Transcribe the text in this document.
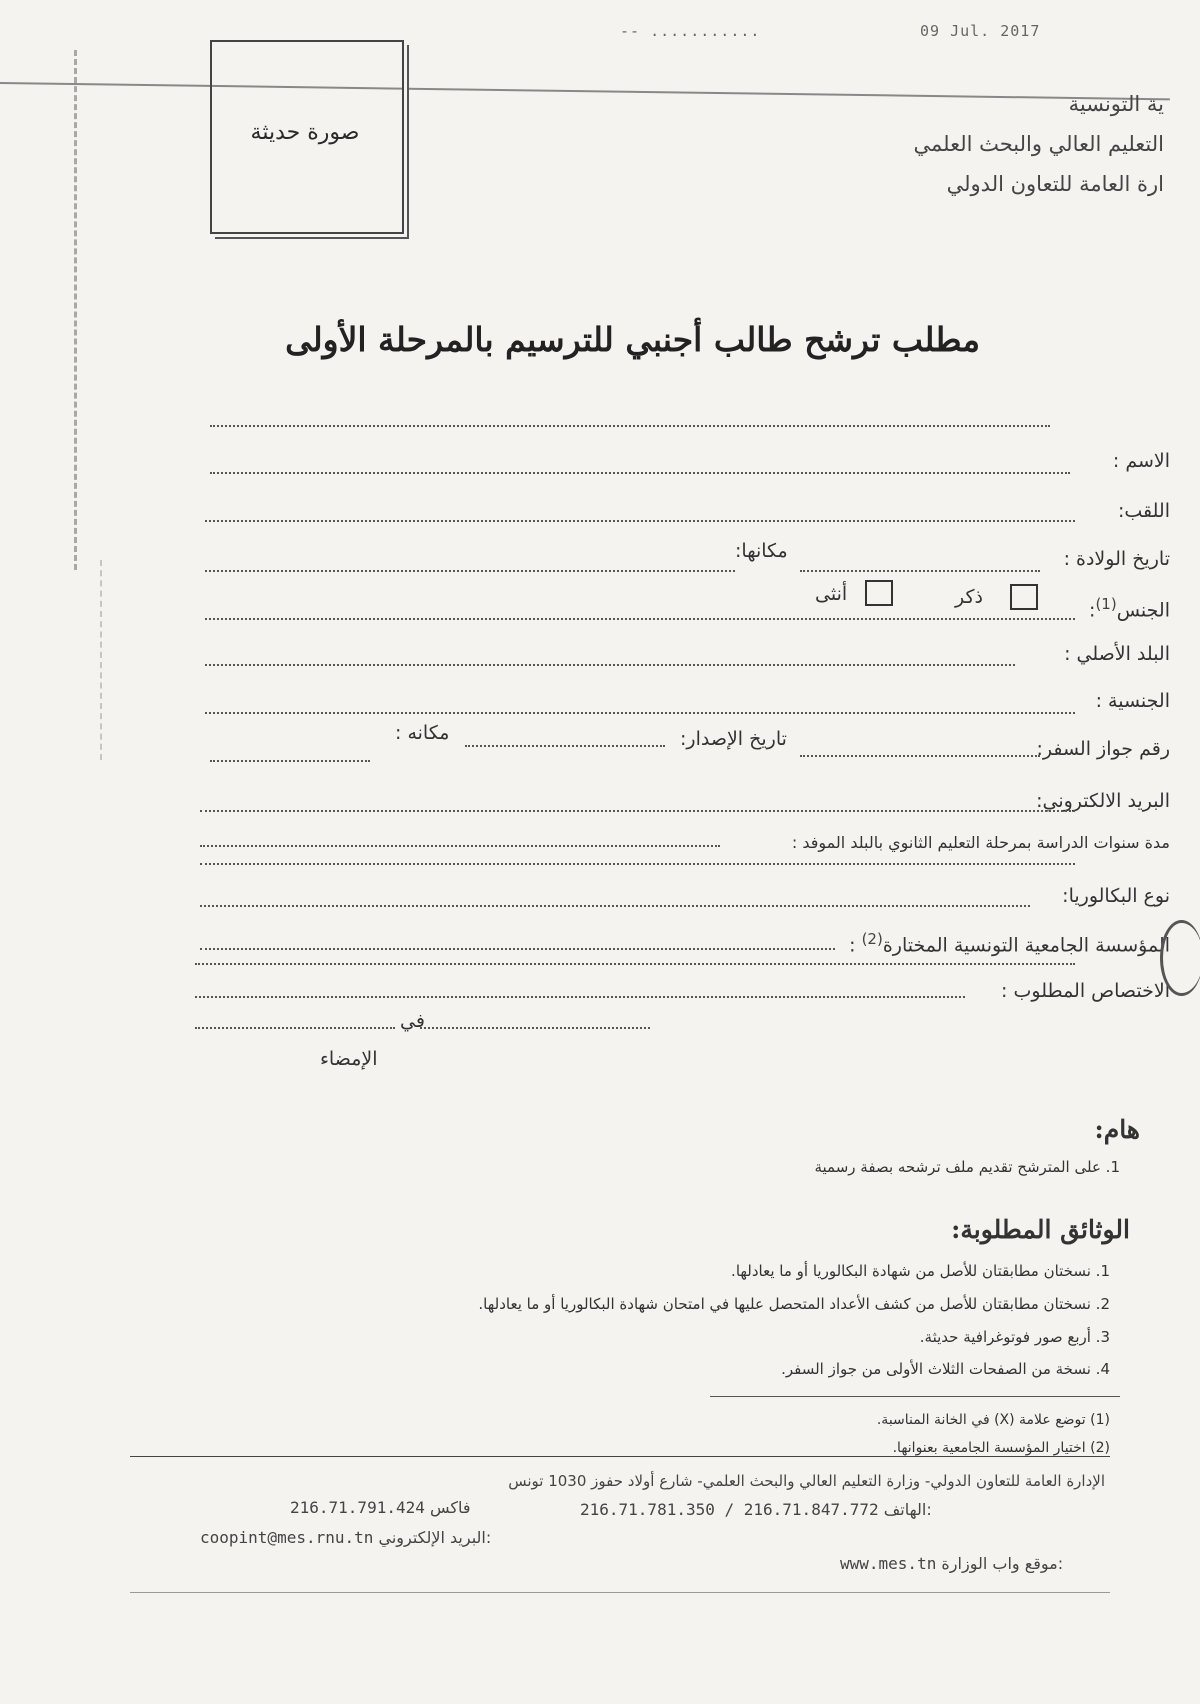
-- ...........	09 Jul. 2017
صورة حديثة
ية التونسية
التعليم العالي والبحث العلمي
ارة العامة للتعاون الدولي
مطلب ترشح طالب أجنبي للترسيم بالمرحلة الأولى
الاسم :
اللقب:
تاريخ الولادة :
مكانها:
الجنس$^{(1)}$:
ذكر
أنثى
البلد الأصلي :
الجنسية :
رقم جواز السفر:
مكانه :	تاريخ الإصدار:
البريد الالكتروني:
مدة سنوات الدراسة بمرحلة التعليم الثانوي بالبلد الموفد :
نوع البكالوريا:
المؤسسة الجامعية التونسية المختارة$^{(2)}$ :
الاختصاص المطلوب :
في
الإمضاء
هام:
1. على المترشح تقديم ملف ترشحه بصفة رسمية
الوثائق المطلوبة:
1. نسختان مطابقتان للأصل من شهادة البكالوريا أو ما يعادلها.
2. نسختان مطابقتان للأصل من كشف الأعداد المتحصل عليها في امتحان شهادة البكالوريا أو ما يعادلها.
3. أربع صور فوتوغرافية حديثة.
4. نسخة من الصفحات الثلاث الأولى من جواز السفر.
(1) توضع علامة (X) في الخانة المناسبة.
(2) اختيار المؤسسة الجامعية بعنوانها.
الإدارة العامة للتعاون الدولي- وزارة التعليم العالي والبحث العلمي- شارع أولاد حفوز 1030 تونس
216.71.791.424 فاكس	216.71.781.350 / 216.71.847.772 الهاتف:
coopint@mes.rnu.tn البريد الإلكتروني:
www.mes.tn موقع واب الوزارة:
